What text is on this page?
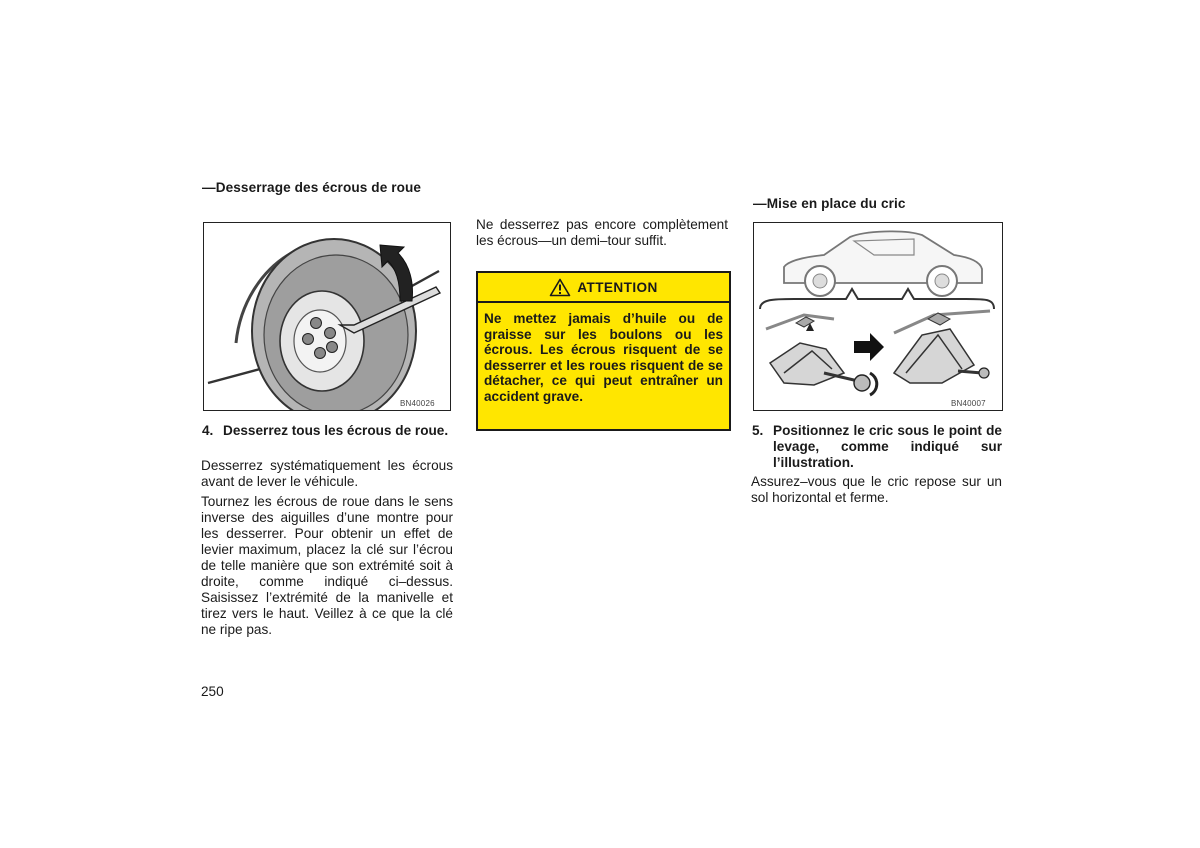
—Desserrage des écrous de roue
BN40026
4. Desserrez tous les écrous de roue.
Desserrez systématiquement les écrous avant de lever le véhicule.
Tournez les écrous de roue dans le sens inverse des aiguilles d’une montre pour les desserrer. Pour obtenir un effet de levier maximum, placez la clé sur l’écrou de telle manière que son extrémité soit à droite, comme indiqué ci–dessus. Saisissez l’extrémité de la manivelle et tirez vers le haut. Veillez à ce que la clé ne ripe pas.
Ne desserrez pas encore complètement les écrous—un demi–tour suffit.
ATTENTION
Ne mettez jamais d’huile ou de graisse sur les boulons ou les écrous. Les écrous risquent de se desserrer et les roues risquent de se détacher, ce qui peut entraîner un accident grave.
—Mise en place du cric
BN40007
5. Positionnez le cric sous le point de levage, comme indiqué sur l’illustration.
Assurez–vous que le cric repose sur un sol horizontal et ferme.
250
